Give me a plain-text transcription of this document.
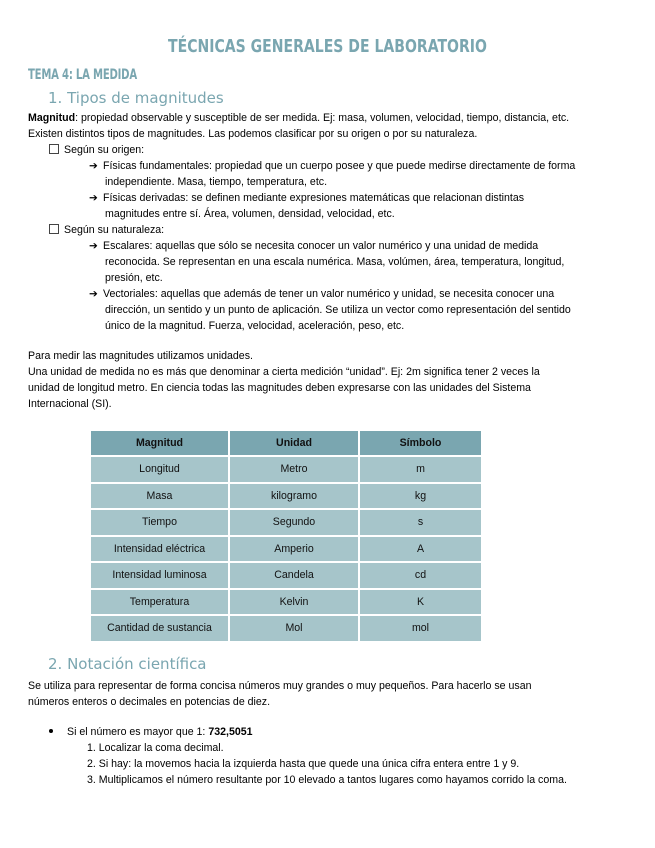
TÉCNICAS GENERALES DE LABORATORIO
TEMA 4: LA MEDIDA
1. Tipos de magnitudes
Magnitud: propiedad observable y susceptible de ser medida. Ej: masa, volumen, velocidad, tiempo, distancia, etc.
Existen distintos tipos de magnitudes. Las podemos clasificar por su origen o por su naturaleza.
Según su origen:
➔ Físicas fundamentales: propiedad que un cuerpo posee y que puede medirse directamente de forma
independiente. Masa, tiempo, temperatura, etc.
➔ Físicas derivadas: se definen mediante expresiones matemáticas que relacionan distintas
magnitudes entre sí. Área, volumen, densidad, velocidad, etc.
Según su naturaleza:
➔ Escalares: aquellas que sólo se necesita conocer un valor numérico y una unidad de medida
reconocida. Se representan en una escala numérica. Masa, volúmen, área, temperatura, longitud,
presión, etc.
➔ Vectoriales: aquellas que además de tener un valor numérico y unidad, se necesita conocer una
dirección, un sentido y un punto de aplicación. Se utiliza un vector como representación del sentido
único de la magnitud. Fuerza, velocidad, aceleración, peso, etc.
Para medir las magnitudes utilizamos unidades.
Una unidad de medida no es más que denominar a cierta medición “unidad”. Ej: 2m significa tener 2 veces la
unidad de longitud metro. En ciencia todas las magnitudes deben expresarse con las unidades del Sistema
Internacional (SI).
Magnitud	Unidad	Símbolo
Longitud	Metro	m
Masa	kilogramo	kg
Tiempo	Segundo	s
Intensidad eléctrica	Amperio	A
Intensidad luminosa	Candela	cd
Temperatura	Kelvin	K
Cantidad de sustancia	Mol	mol
2. Notación científica
Se utiliza para representar de forma concisa números muy grandes o muy pequeños. Para hacerlo se usan
números enteros o decimales en potencias de diez.
Si el número es mayor que 1: 732,5051
1. Localizar la coma decimal.
2. Si hay: la movemos hacia la izquierda hasta que quede una única cifra entera entre 1 y 9.
3. Multiplicamos el número resultante por 10 elevado a tantos lugares como hayamos corrido la coma.
